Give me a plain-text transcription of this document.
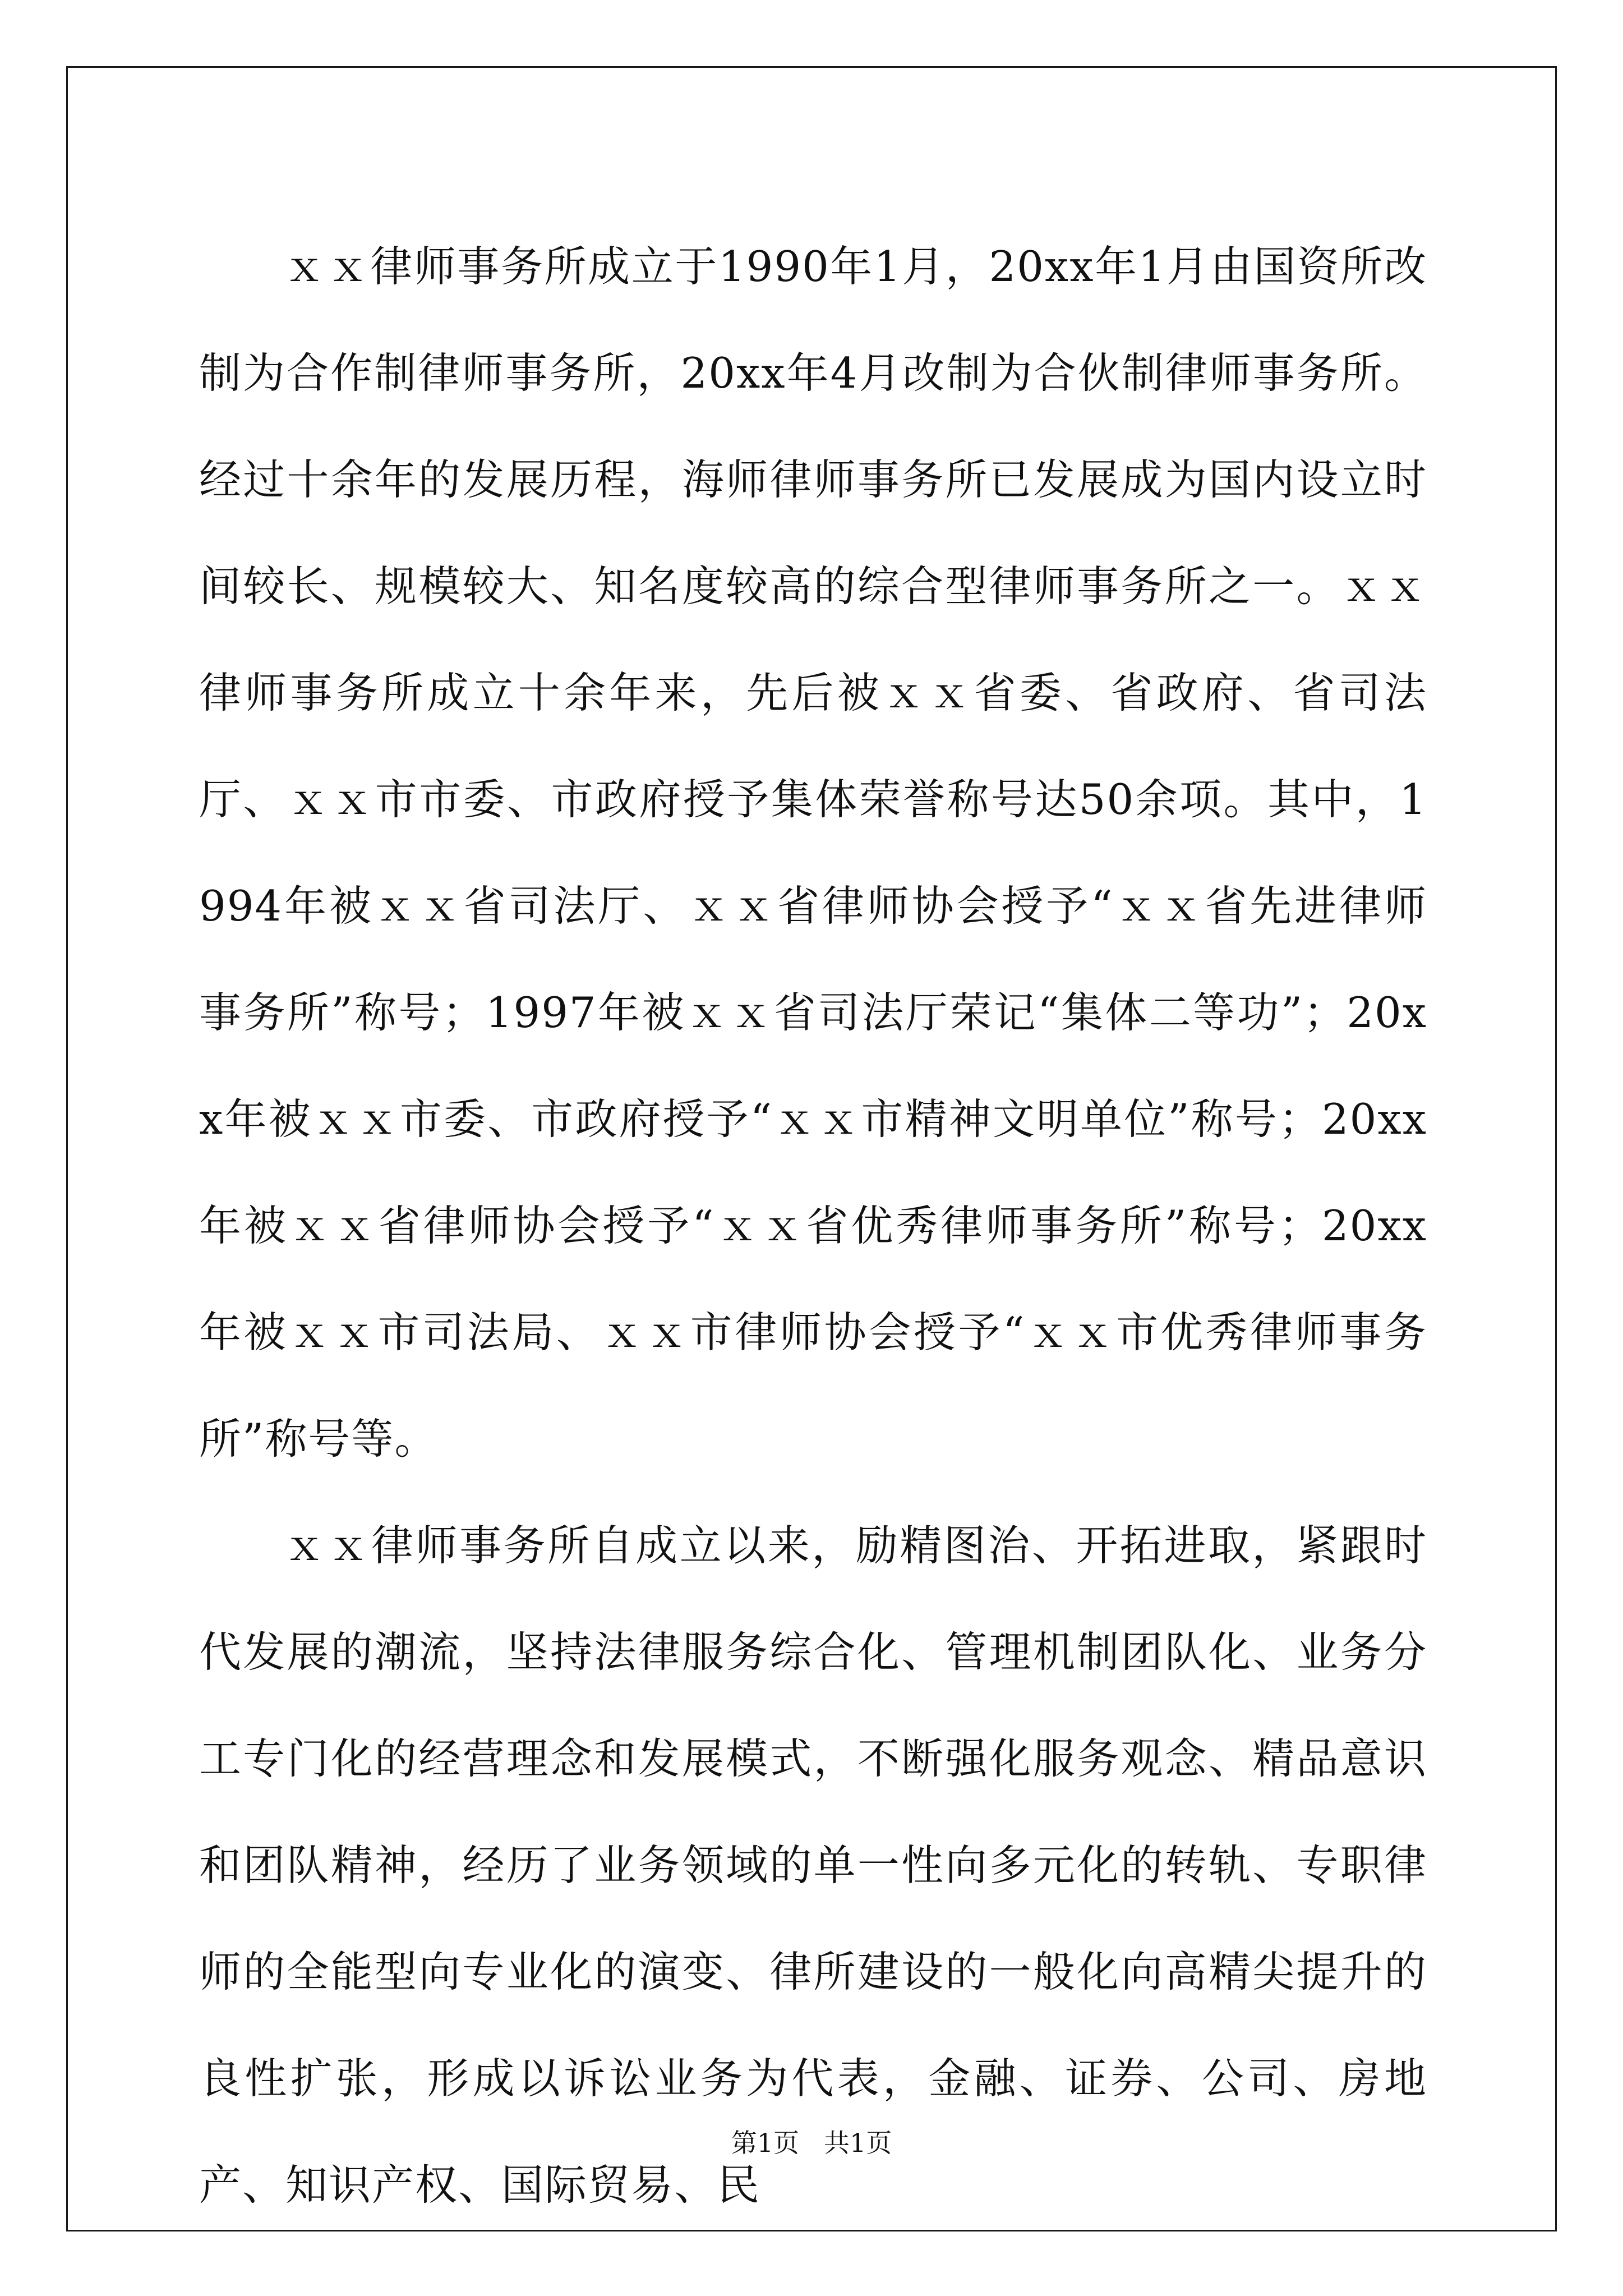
ｘｘ律师事务所成立于1990年1月，20xx年1月由国资所改制为合作制律师事务所，20xx年4月改制为合伙制律师事务所。经过十余年的发展历程，海师律师事务所已发展成为国内设立时间较长、规模较大、知名度较高的综合型律师事务所之一。ｘｘ律师事务所成立十余年来，先后被ｘｘ省委、省政府、省司法厅、ｘｘ市市委、市政府授予集体荣誉称号达50余项。其中，1994年被ｘｘ省司法厅、ｘｘ省律师协会授予“ｘｘ省先进律师事务所”称号；1997年被ｘｘ省司法厅荣记“集体二等功”；20xx年被ｘｘ市委、市政府授予“ｘｘ市精神文明单位”称号；20xx年被ｘｘ省律师协会授予“ｘｘ省优秀律师事务所”称号；20xx年被ｘｘ市司法局、ｘｘ市律师协会授予“ｘｘ市优秀律师事务所”称号等。

ｘｘ律师事务所自成立以来，励精图治、开拓进取，紧跟时代发展的潮流，坚持法律服务综合化、管理机制团队化、业务分工专门化的经营理念和发展模式，不断强化服务观念、精品意识和团队精神，经历了业务领域的单一性向多元化的转轨、专职律师的全能型向专业化的演变、律所建设的一般化向高精尖提升的良性扩张，形成以诉讼业务为代表，金融、证券、公司、房地产、知识产权、国际贸易、民

第1页 共1页
